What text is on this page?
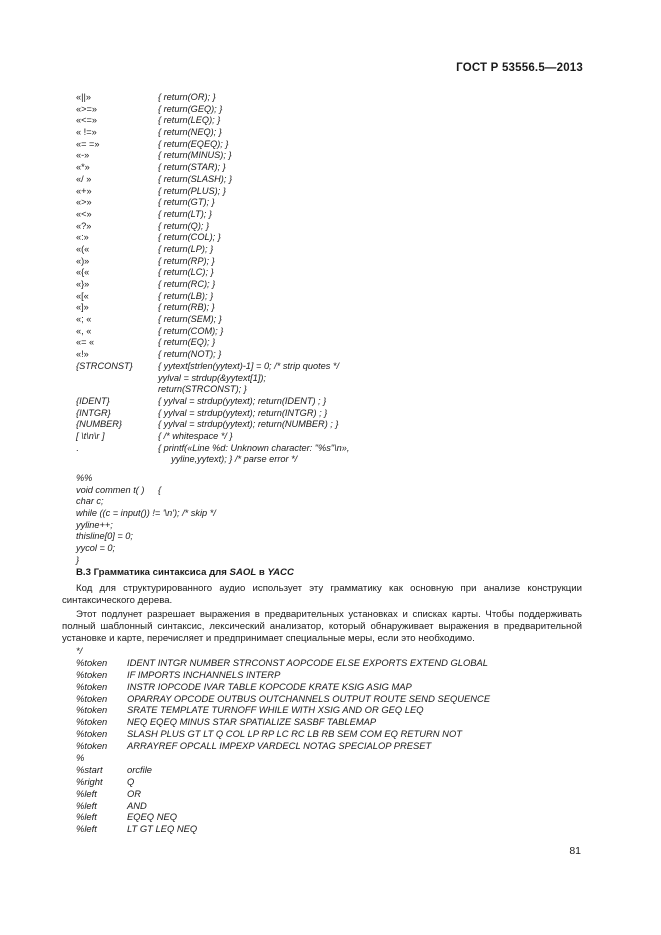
ГОСТ Р 53556.5—2013
«||»	{ return(OR); }
«>=»	{ return(GEQ); }
«<=»	{ return(LEQ); }
« !=»	{ return(NEQ); }
«= =»	{ return(EQEQ); }
«-»	{ return(MINUS); }
«*»	{ return(STAR); }
«/ »	{ return(SLASH); }
«+»	{ return(PLUS); }
«>»	{ return(GT); }
«<»	{ return(LT); }
«?»	{ return(Q); }
«:»	{ return(COL); }
«(«	{ return(LP); }
«)»	{ return(RP); }
«{«	{ return(LC); }
«}»	{ return(RC); }
«[«	{ return(LB); }
«]»	{ return(RB); }
«; «	{ return(SEM); }
«, «	{ return(COM); }
«= «	{ return(EQ); }
«!»	{ return(NOT); }
{STRCONST}	{ yytext[strlen(yytext)-1] = 0; /* strip quotes */
yylval = strdup(&yytext[1]);
return(STRCONST); }
{IDENT}	{ yylval = strdup(yytext); return(IDENT) ; }
{INTGR}	{ yylval = strdup(yytext); return(INTGR) ; }
{NUMBER}	{ yylval = strdup(yytext); return(NUMBER) ; }
[ \t\n\r ]	{ /* whitespace */ }
.	{ printf(«Line %d: Unknown character: "%s"\n»,
yyline,yytext); } /* parse error */
%%
void commen t( ) {
char c;
while ((c = input()) != '\n'); /* skip */
yyline++;
thisline[0] = 0;
yycol = 0;
}
В.3 Грамматика синтаксиса для SAOL в YACC
Код для структурированного аудио использует эту грамматику как основную при анализе конструкции синтаксического дерева.
Этот подлунет разрешает выражения в предварительных установках и списках карты. Чтобы поддерживать полный шаблонный синтаксис, лексический анализатор, который обнаруживает выражения в предварительной установке и карте, перечисляет и предпринимает специальные меры, если это необходимо.
*/
%token IDENT INTGR NUMBER STRCONST AOPCODE ELSE EXPORTS EXTEND GLOBAL
%token IF IMPORTS INCHANNELS INTERP
%token INSTR IOPCODE IVAR TABLE KOPCODE KRATE KSIG ASIG MAP
%token OPARRAY OPCODE OUTBUS OUTCHANNELS OUTPUT ROUTE SEND SEQUENCE
%token SRATE TEMPLATE TURNOFF WHILE WITH XSIG AND OR GEQ LEQ
%token NEQ EQEQ MINUS STAR SPATIALIZE SASBF TABLEMAP
%token SLASH PLUS GT LT Q COL LP RP LC RC LB RB SEM COM EQ RETURN NOT
%token ARRAYREF OPCALL IMPEXP VARDECL NOTAG SPECIALOP PRESET
%
%start	orcfile
%right	Q
%left	OR
%left	AND
%left	EQEQ NEQ
%left	LT GT LEQ NEQ
81
